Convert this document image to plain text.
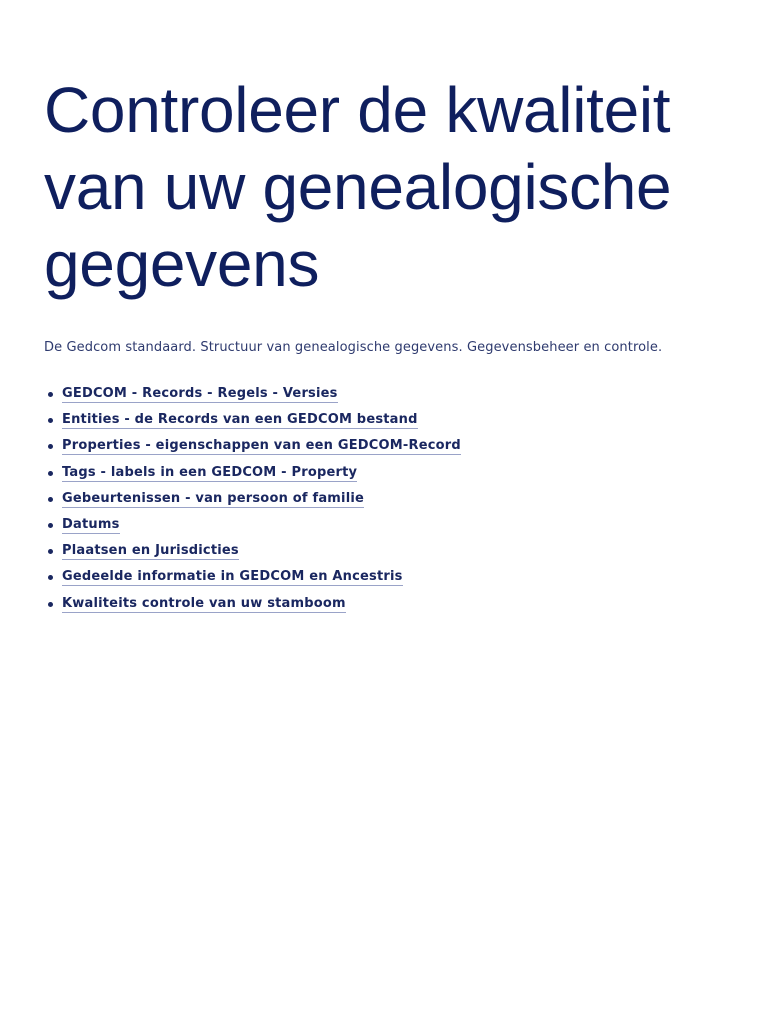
Controleer de kwaliteit van uw genealogische gegevens

De Gedcom standaard. Structuur van genealogische gegevens. Gegevensbeheer en controle.

GEDCOM - Records - Regels - Versies
Entities - de Records van een GEDCOM bestand
Properties - eigenschappen van een GEDCOM-Record
Tags - labels in een GEDCOM - Property
Gebeurtenissen - van persoon of familie
Datums
Plaatsen en Jurisdicties
Gedeelde informatie in GEDCOM en Ancestris
Kwaliteits controle van uw stamboom
